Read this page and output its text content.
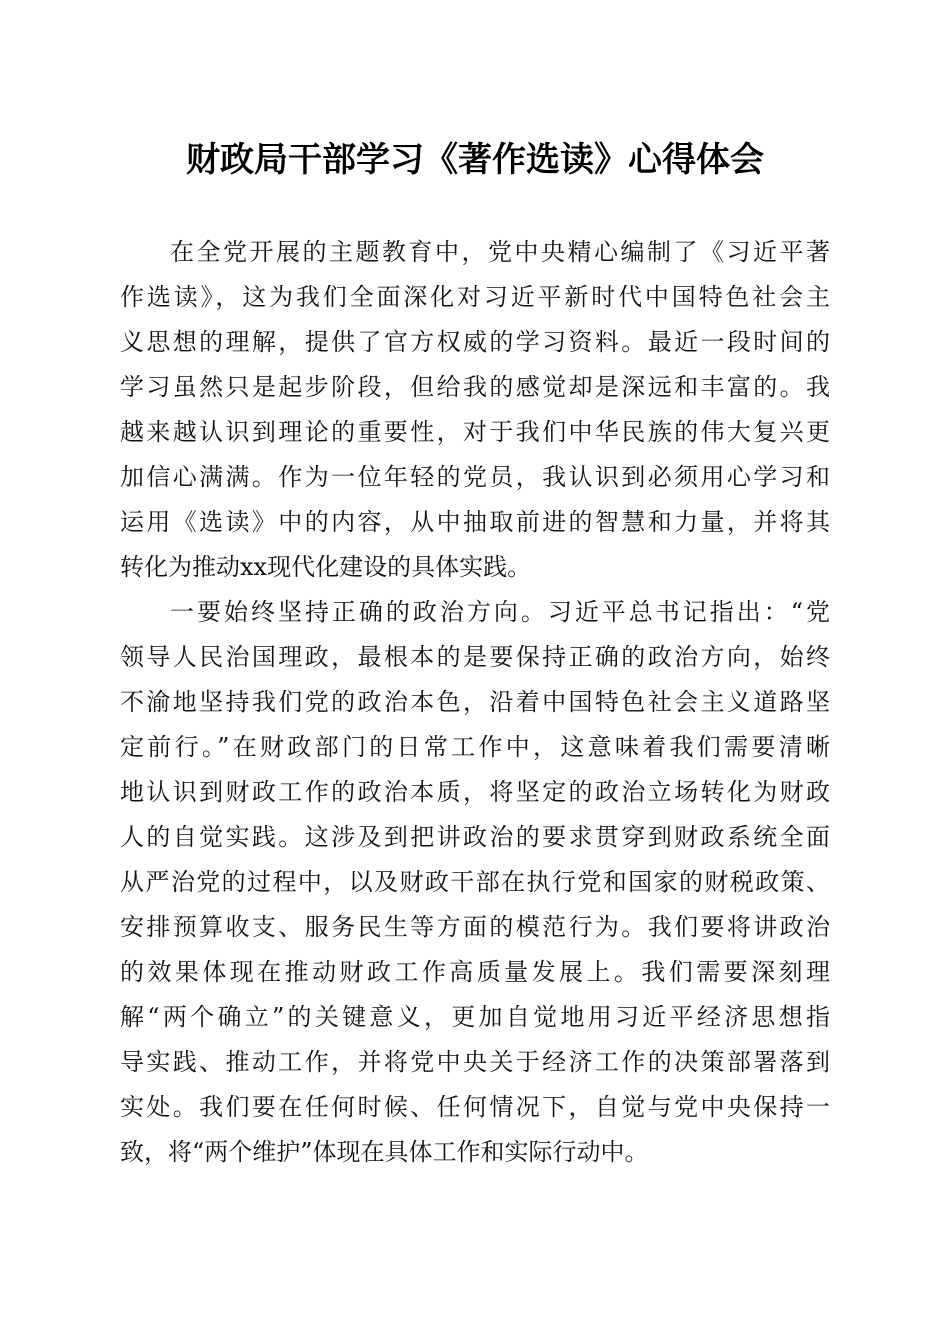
财政局干部学习《著作选读》心得体会
在全党开展的主题教育中，党中央精心编制了《习近平著
作选读》，这为我们全面深化对习近平新时代中国特色社会主
义思想的理解，提供了官方权威的学习资料。最近一段时间的
学习虽然只是起步阶段，但给我的感觉却是深远和丰富的。我
越来越认识到理论的重要性，对于我们中华民族的伟大复兴更
加信心满满。作为一位年轻的党员，我认识到必须用心学习和
运用《选读》中的内容，从中抽取前进的智慧和力量，并将其
转化为推动xx现代化建设的具体实践。
一要始终坚持正确的政治方向。习近平总书记指出：“党
领导人民治国理政，最根本的是要保持正确的政治方向，始终
不渝地坚持我们党的政治本色，沿着中国特色社会主义道路坚
定前行。”在财政部门的日常工作中，这意味着我们需要清晰
地认识到财政工作的政治本质，将坚定的政治立场转化为财政
人的自觉实践。这涉及到把讲政治的要求贯穿到财政系统全面
从严治党的过程中，以及财政干部在执行党和国家的财税政策、
安排预算收支、服务民生等方面的模范行为。我们要将讲政治
的效果体现在推动财政工作高质量发展上。我们需要深刻理
解“两个确立”的关键意义，更加自觉地用习近平经济思想指
导实践、推动工作，并将党中央关于经济工作的决策部署落到
实处。我们要在任何时候、任何情况下，自觉与党中央保持一
致，将“两个维护”体现在具体工作和实际行动中。
